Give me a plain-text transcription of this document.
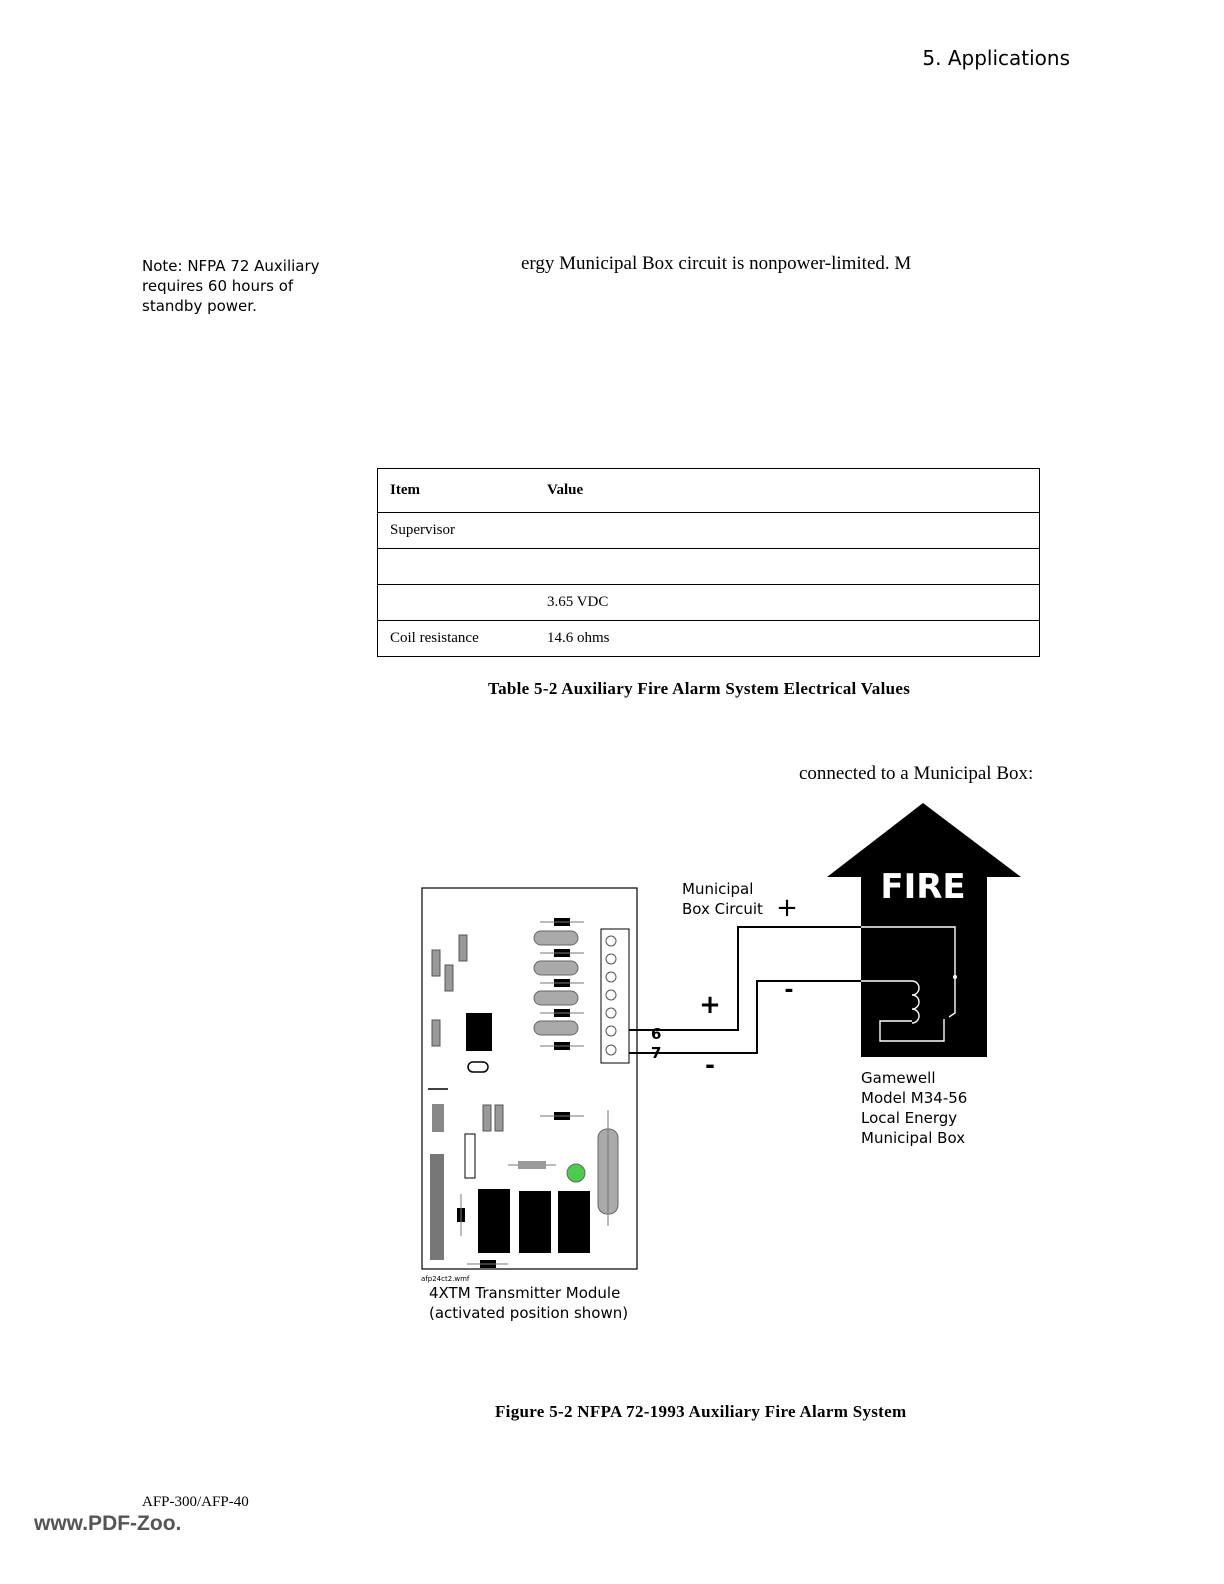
5. Applications
Note: NFPA 72 Auxiliary requires 60 hours of standby power.
ergy Municipal Box circuit is nonpower-limited. M
Item	Value
Supervisor	

	3.65 VDC
Coil resistance	14.6 ohms
Table 5-2 Auxiliary Fire Alarm System Electrical Values
connected to a Municipal Box:
FIRE
+
-
+
-
6
7
afp24ct2.wmf
Municipal
Box Circuit
Gamewell
Model M34-56
Local Energy
Municipal Box
4XTM Transmitter Module
(activated position shown)
Figure 5-2 NFPA 72-1993 Auxiliary Fire Alarm System
AFP-300/AFP-40
www.PDF-Zoo.
